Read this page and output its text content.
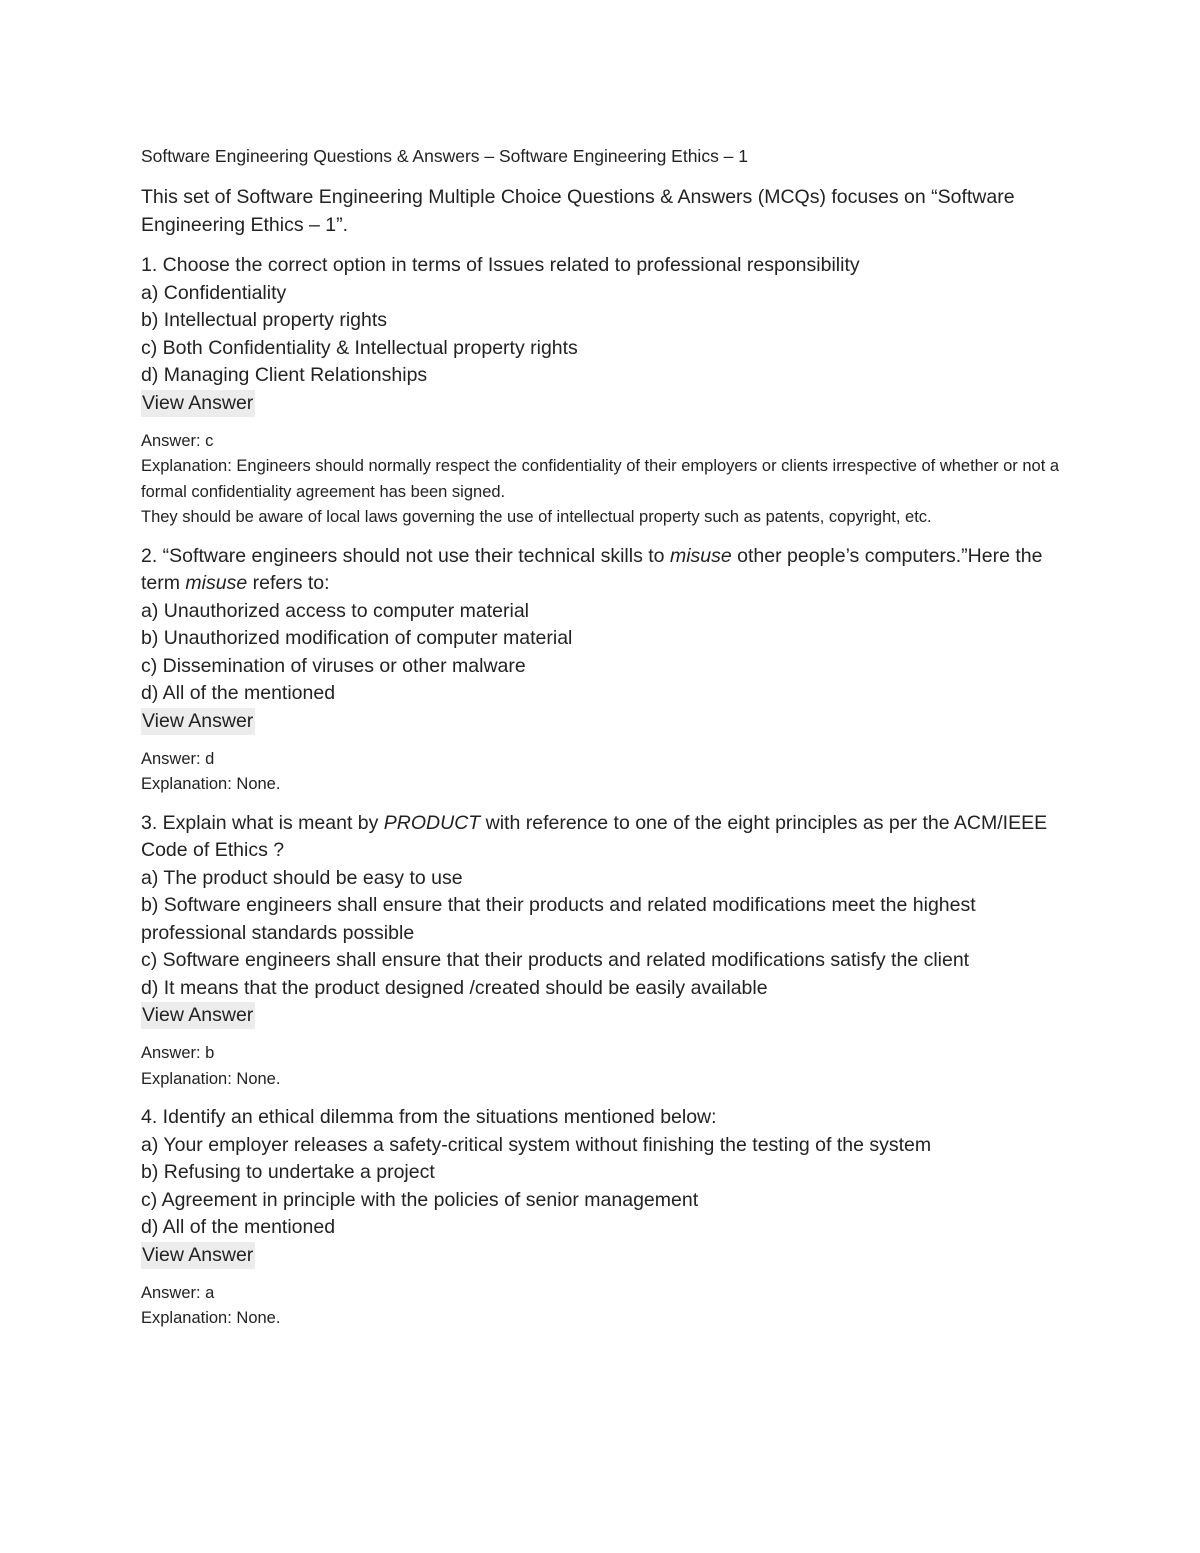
Software Engineering Questions & Answers – Software Engineering Ethics – 1
This set of Software Engineering Multiple Choice Questions & Answers (MCQs) focuses on “Software Engineering Ethics – 1”.
1. Choose the correct option in terms of Issues related to professional responsibility
a) Confidentiality
b) Intellectual property rights
c) Both Confidentiality & Intellectual property rights
d) Managing Client Relationships
View Answer
Answer: c
Explanation: Engineers should normally respect the confidentiality of their employers or clients irrespective of whether or not a formal confidentiality agreement has been signed.
They should be aware of local laws governing the use of intellectual property such as patents, copyright, etc.
2. “Software engineers should not use their technical skills to misuse other people’s computers.”Here the term misuse refers to:
a) Unauthorized access to computer material
b) Unauthorized modification of computer material
c) Dissemination of viruses or other malware
d) All of the mentioned
View Answer
Answer: d
Explanation: None.
3. Explain what is meant by PRODUCT with reference to one of the eight principles as per the ACM/IEEE Code of Ethics ?
a) The product should be easy to use
b) Software engineers shall ensure that their products and related modifications meet the highest professional standards possible
c) Software engineers shall ensure that their products and related modifications satisfy the client
d) It means that the product designed /created should be easily available
View Answer
Answer: b
Explanation: None.
4. Identify an ethical dilemma from the situations mentioned below:
a) Your employer releases a safety-critical system without finishing the testing of the system
b) Refusing to undertake a project
c) Agreement in principle with the policies of senior management
d) All of the mentioned
View Answer
Answer: a
Explanation: None.
